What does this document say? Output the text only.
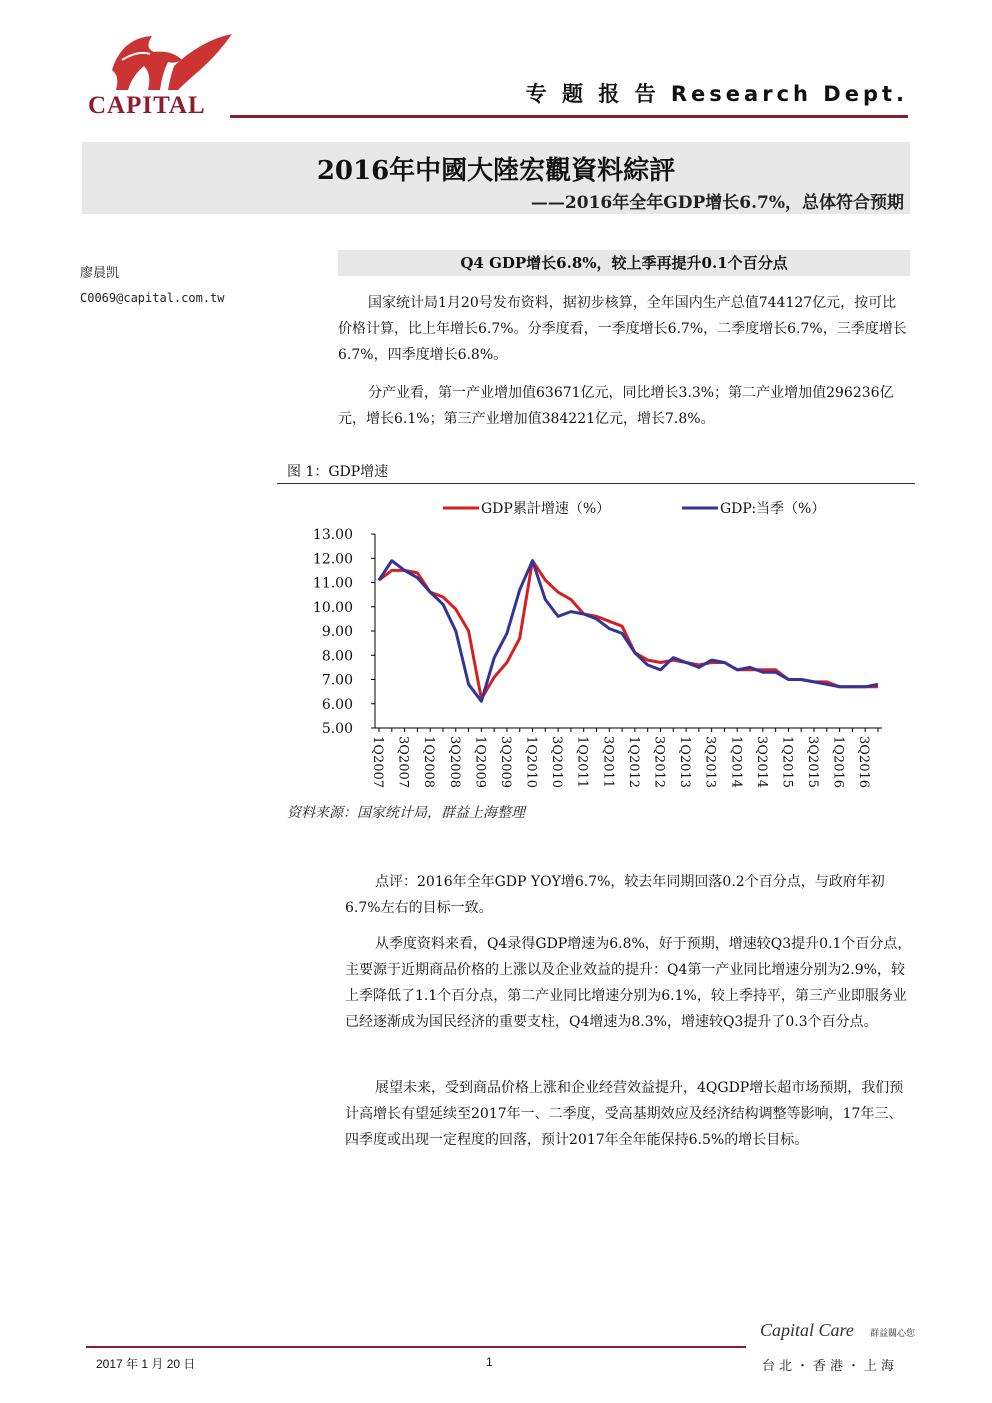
CAPITAL	专 题 报 告 Research Dept.
2016年中國大陸宏觀資料綜評
——2016年全年GDP增长6.7%，总体符合预期
廖晨凯
C0069@capital.com.tw
Q4 GDP增长6.8%，较上季再提升0.1个百分点

国家统计局1月20号发布资料，据初步核算，全年国内生产总值744127亿元，按可比价格计算，比上年增长6.7%。分季度看，一季度增长6.7%，二季度增长6.7%，三季度增长6.7%，四季度增长6.8%。

分产业看，第一产业增加值63671亿元，同比增长3.3%；第二产业增加值296236亿元，增长6.1%；第三产业增加值384221亿元，增长7.8%。

图 1：GDP增速
13.00
12.00
11.00
10.00
9.00
8.00
7.00
6.00
5.00
1Q2007 3Q2007 1Q2008 3Q2008 1Q2009 3Q2009 1Q2010 3Q2010 1Q2011 3Q2011 1Q2012 3Q2012 1Q2013 3Q2013 1Q2014 3Q2014 1Q2015 3Q2015 1Q2016 3Q2016
GDP累計增速（%）	GDP:当季（%）
资料来源：国家统计局，群益上海整理

点评：2016年全年GDP YOY增6.7%，较去年同期回落0.2个百分点，与政府年初6.7%左右的目标一致。

从季度资料来看，Q4录得GDP增速为6.8%，好于预期，增速较Q3提升0.1个百分点，主要源于近期商品价格的上涨以及企业效益的提升：Q4第一产业同比增速分别为2.9%，较上季降低了1.1个百分点，第二产业同比增速分别为6.1%，较上季持平，第三产业即服务业已经逐渐成为国民经济的重要支柱，Q4增速为8.3%，增速较Q3提升了0.3个百分点。

展望未来，受到商品价格上涨和企业经营效益提升，4QGDP增长超市场预期，我们预计高增长有望延续至2017年一、二季度，受高基期效应及经济结构调整等影响，17年三、四季度或出现一定程度的回落，预计2017年全年能保持6.5%的增长目标。

Capital Care 群益關心您
2017 年 1 月 20 日	1	台北・香港・上海
